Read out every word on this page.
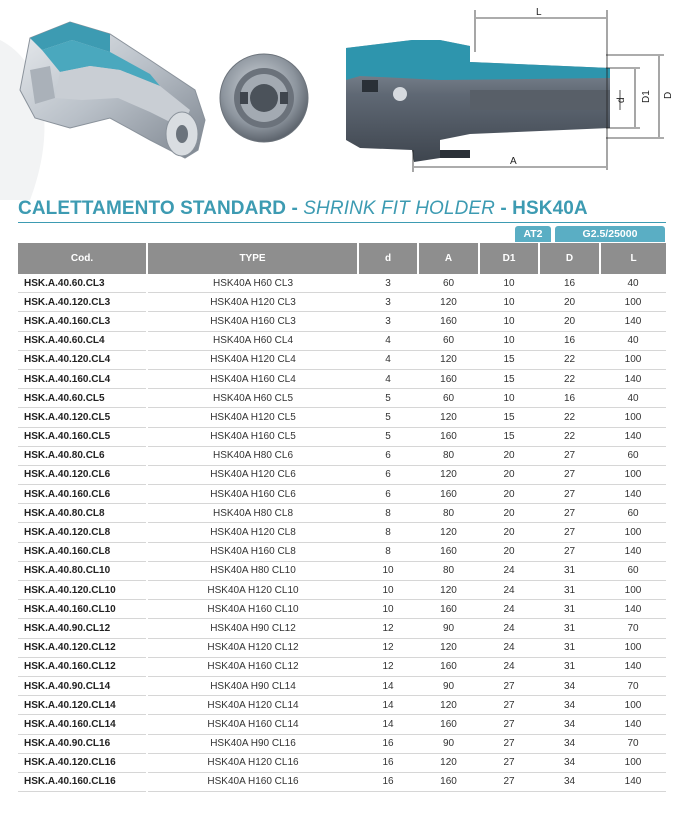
L
A
d D1 D
CALETTAMENTO STANDARD - SHRINK FIT HOLDER - HSK40A
AT2	G2.5/25000
Cod.	TYPE	d	A	D1	D	L
HSK.A.40.60.CL3	HSK40A H60 CL3	3	60	10	16	40
HSK.A.40.120.CL3	HSK40A H120 CL3	3	120	10	20	100
HSK.A.40.160.CL3	HSK40A H160 CL3	3	160	10	20	140
HSK.A.40.60.CL4	HSK40A H60 CL4	4	60	10	16	40
HSK.A.40.120.CL4	HSK40A H120 CL4	4	120	15	22	100
HSK.A.40.160.CL4	HSK40A H160 CL4	4	160	15	22	140
HSK.A.40.60.CL5	HSK40A H60 CL5	5	60	10	16	40
HSK.A.40.120.CL5	HSK40A H120 CL5	5	120	15	22	100
HSK.A.40.160.CL5	HSK40A H160 CL5	5	160	15	22	140
HSK.A.40.80.CL6	HSK40A H80 CL6	6	80	20	27	60
HSK.A.40.120.CL6	HSK40A H120 CL6	6	120	20	27	100
HSK.A.40.160.CL6	HSK40A H160 CL6	6	160	20	27	140
HSK.A.40.80.CL8	HSK40A H80 CL8	8	80	20	27	60
HSK.A.40.120.CL8	HSK40A H120 CL8	8	120	20	27	100
HSK.A.40.160.CL8	HSK40A H160 CL8	8	160	20	27	140
HSK.A.40.80.CL10	HSK40A H80 CL10	10	80	24	31	60
HSK.A.40.120.CL10	HSK40A H120 CL10	10	120	24	31	100
HSK.A.40.160.CL10	HSK40A H160 CL10	10	160	24	31	140
HSK.A.40.90.CL12	HSK40A H90 CL12	12	90	24	31	70
HSK.A.40.120.CL12	HSK40A H120 CL12	12	120	24	31	100
HSK.A.40.160.CL12	HSK40A H160 CL12	12	160	24	31	140
HSK.A.40.90.CL14	HSK40A H90 CL14	14	90	27	34	70
HSK.A.40.120.CL14	HSK40A H120 CL14	14	120	27	34	100
HSK.A.40.160.CL14	HSK40A H160 CL14	14	160	27	34	140
HSK.A.40.90.CL16	HSK40A H90 CL16	16	90	27	34	70
HSK.A.40.120.CL16	HSK40A H120 CL16	16	120	27	34	100
HSK.A.40.160.CL16	HSK40A H160 CL16	16	160	27	34	140
